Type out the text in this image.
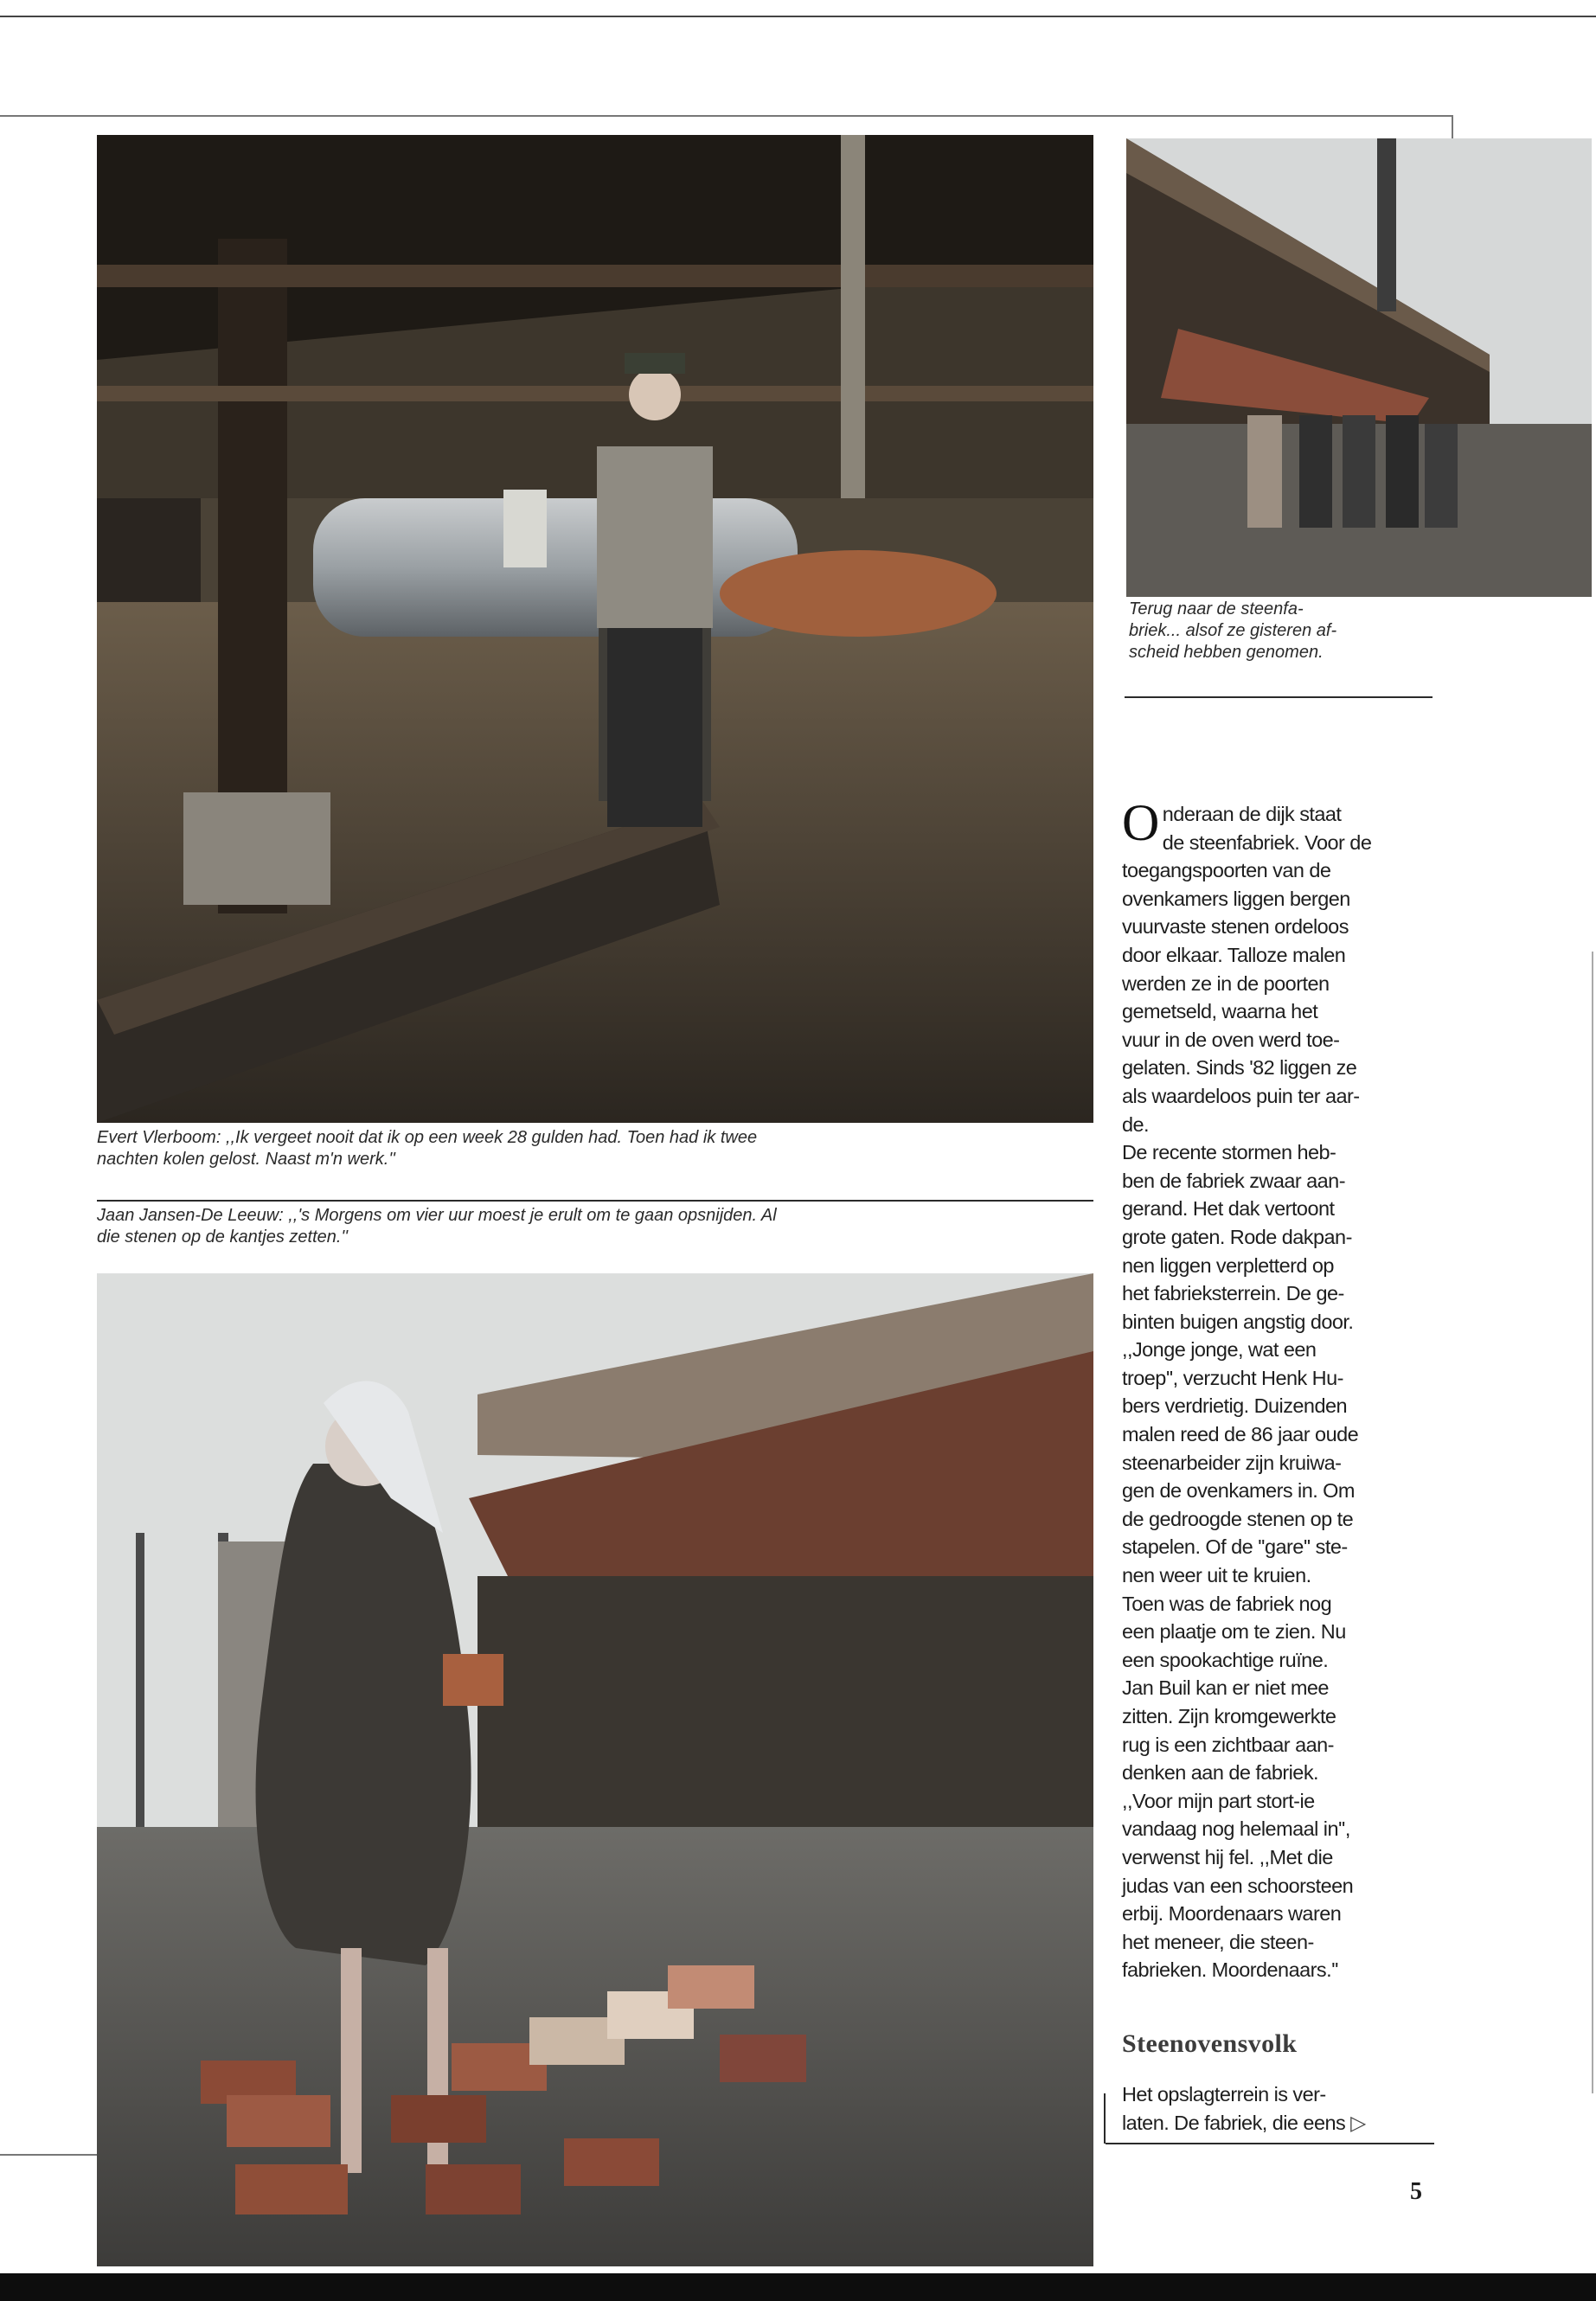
Terug naar de steenfa-
briek... alsof ze gisteren af-
scheid hebben genomen.
Evert Vlerboom: ,,Ik vergeet nooit dat ik op een week 28 gulden had. Toen had ik twee
nachten kolen gelost. Naast m'n werk.''
Jaan Jansen-De Leeuw: ,,'s Morgens om vier uur moest je erult om te gaan opsnijden. Al
die stenen op de kantjes zetten.''
O nderaan de dijk staat

de steenfabriek. Voor de

toegangspoorten van de

ovenkamers liggen bergen

vuurvaste stenen ordeloos

door elkaar. Talloze malen

werden ze in de poorten

gemetseld, waarna het

vuur in de oven werd toe-

gelaten. Sinds '82 liggen ze

als waardeloos puin ter aar-

de.

De recente stormen heb-

ben de fabriek zwaar aan-

gerand. Het dak vertoont

grote gaten. Rode dakpan-

nen liggen verpletterd op

het fabrieksterrein. De ge-

binten buigen angstig door.

,,Jonge jonge, wat een

troep'', verzucht Henk Hu-

bers verdrietig. Duizenden

malen reed de 86 jaar oude

steenarbeider zijn kruiwa-

gen de ovenkamers in. Om

de gedroogde stenen op te

stapelen. Of de ''gare'' ste-

nen weer uit te kruien.

Toen was de fabriek nog

een plaatje om te zien. Nu

een spookachtige ruïne.

Jan Buil kan er niet mee

zitten. Zijn kromgewerkte

rug is een zichtbaar aan-

denken aan de fabriek.

,,Voor mijn part stort-ie

vandaag nog helemaal in'',

verwenst hij fel. ,,Met die

judas van een schoorsteen

erbij. Moordenaars waren

het meneer, die steen-

fabrieken. Moordenaars.''

Steenovensvolk
Het opslagterrein is ver-
laten. De fabriek, die eens ▷
5
